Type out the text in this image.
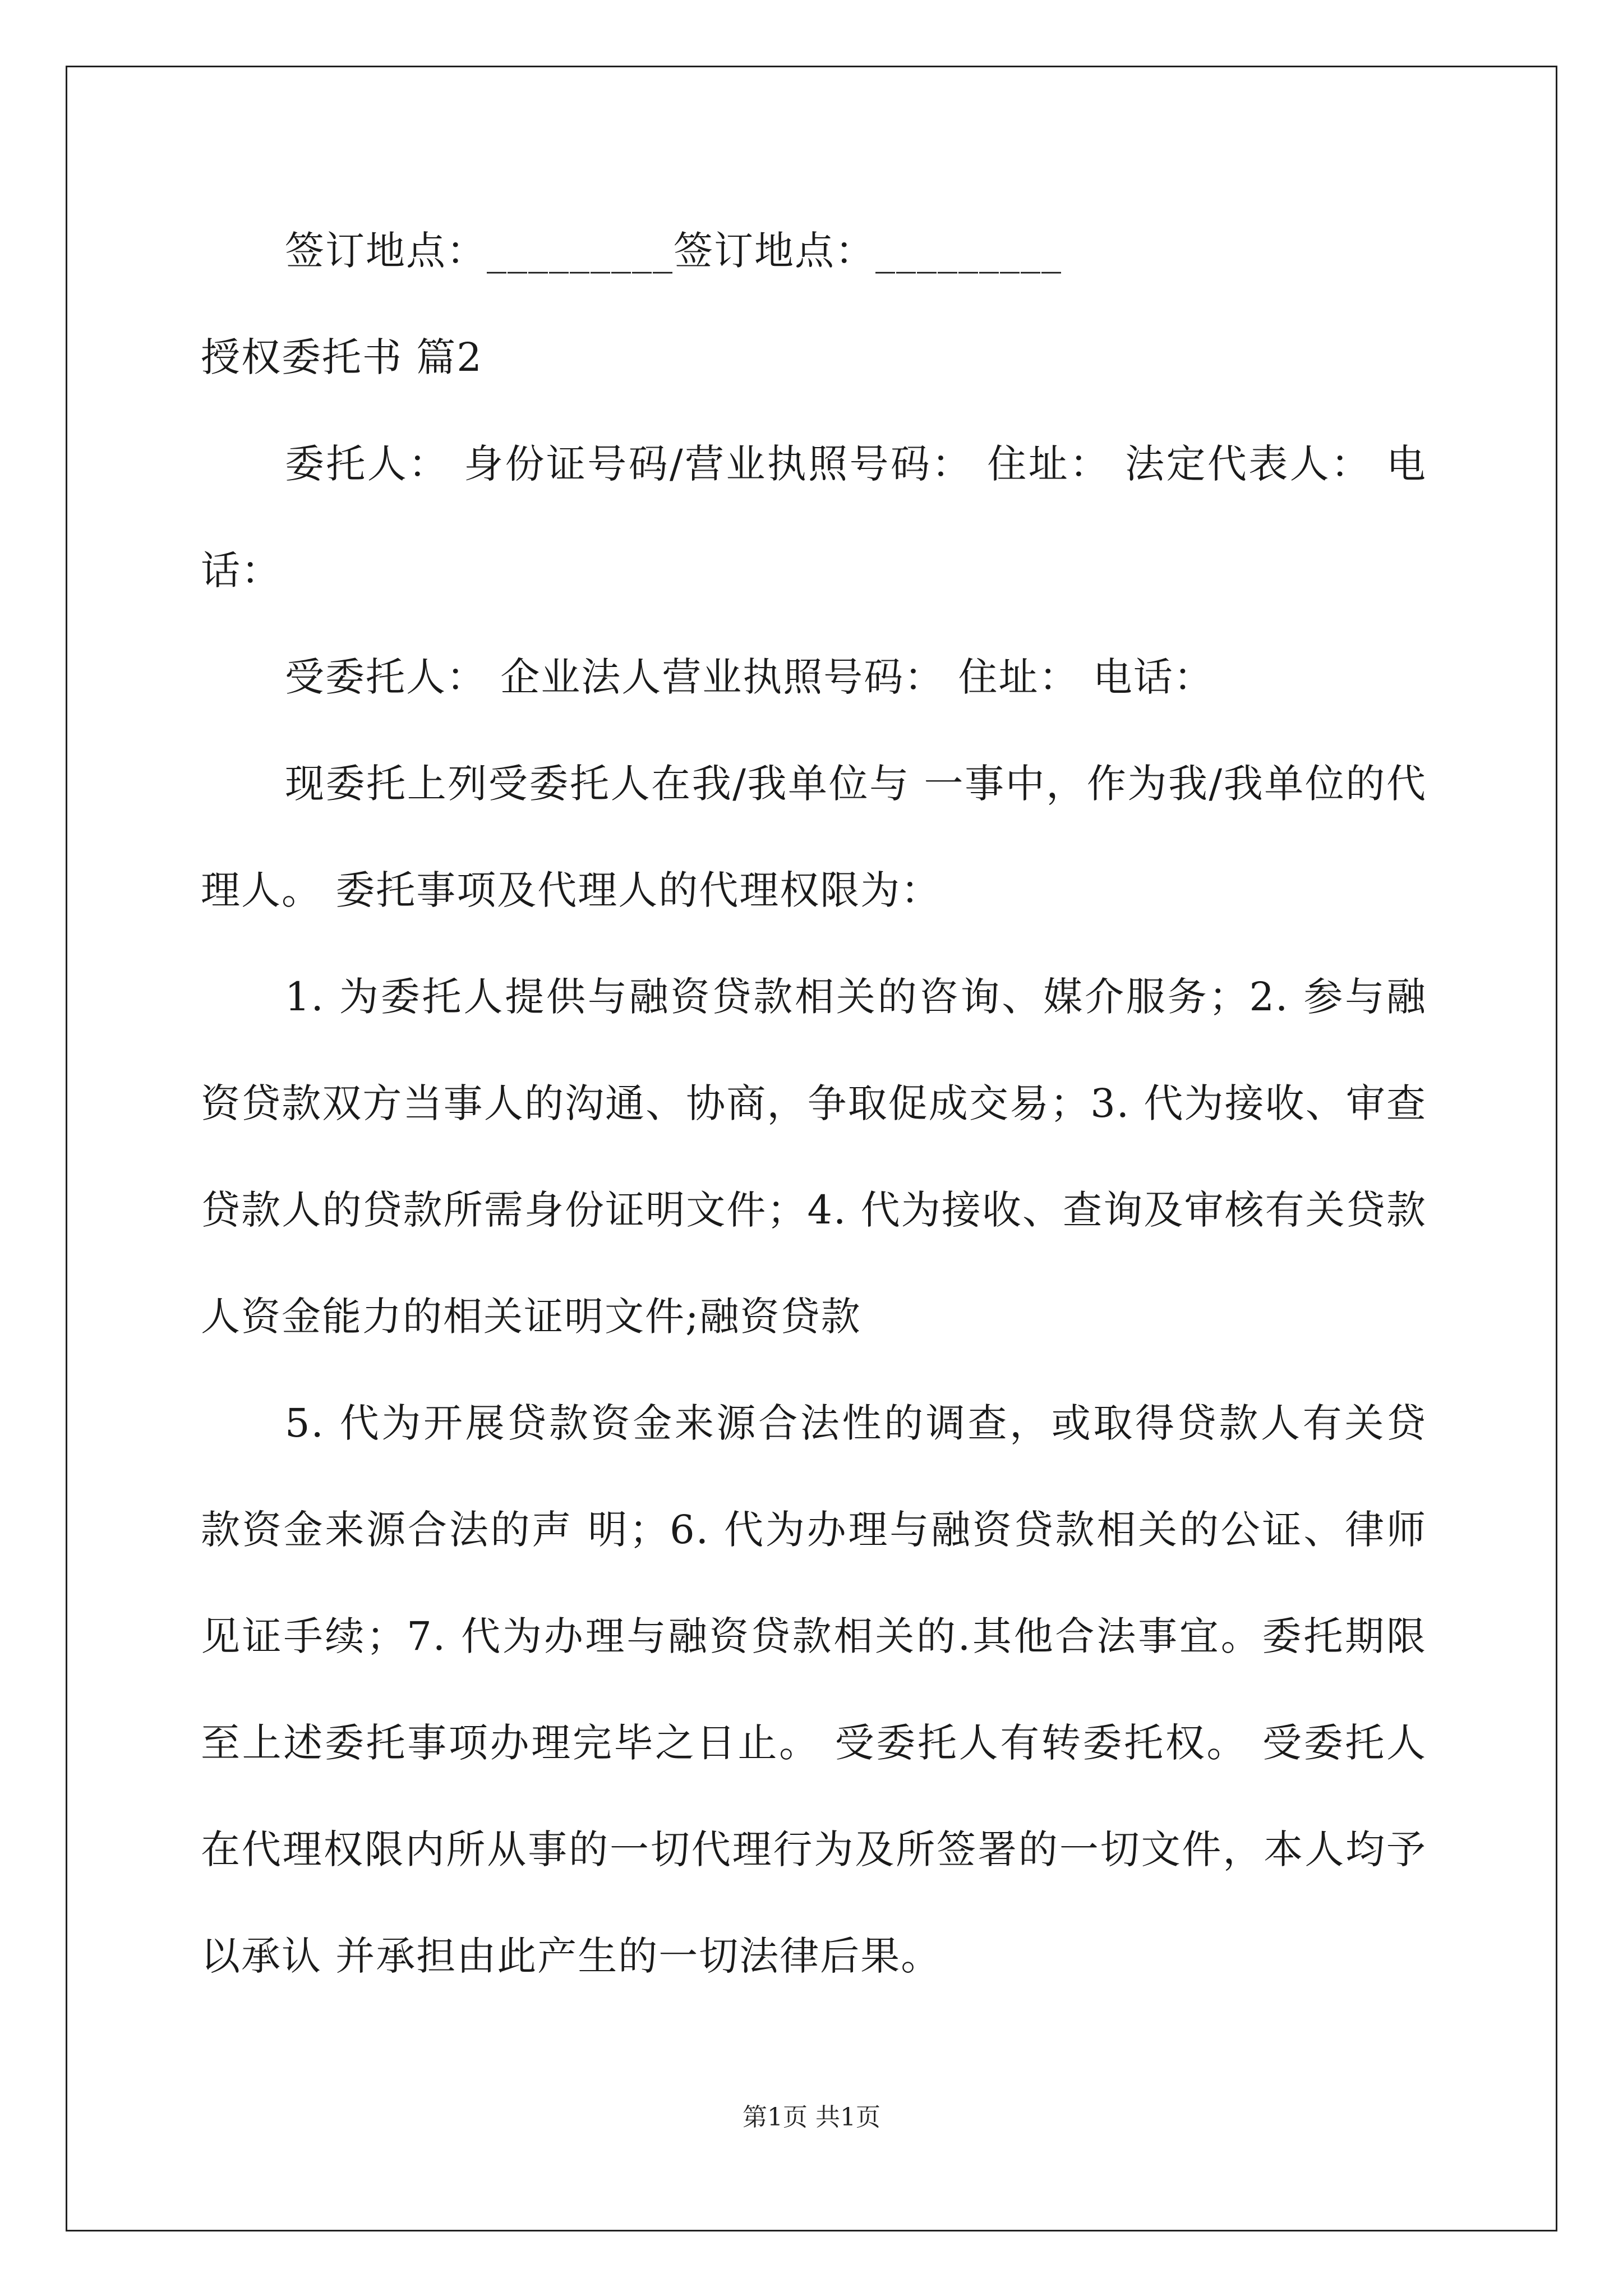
签订地点：_________签订地点：_________

授权委托书 篇2

委托人： 身份证号码/营业执照号码： 住址： 法定代表人： 电话：

受委托人： 企业法人营业执照号码： 住址： 电话：

现委托上列受委托人在我/我单位与 一事中，作为我/我单位的代理人。 委托事项及代理人的代理权限为：

1. 为委托人提供与融资贷款相关的咨询、媒介服务；2. 参与融资贷款双方当事人的沟通、协商，争取促成交易；3. 代为接收、审查贷款人的贷款所需身份证明文件；4. 代为接收、查询及审核有关贷款人资金能力的相关证明文件;融资贷款

5. 代为开展贷款资金来源合法性的调查，或取得贷款人有关贷款资金来源合法的声 明；6. 代为办理与融资贷款相关的公证、律师见证手续；7. 代为办理与融资贷款相关的.其他合法事宜。委托期限至上述委托事项办理完毕之日止。 受委托人有转委托权。 受委托人在代理权限内所从事的一切代理行为及所签署的一切文件，本人均予以承认 并承担由此产生的一切法律后果。

第1页 共1页
